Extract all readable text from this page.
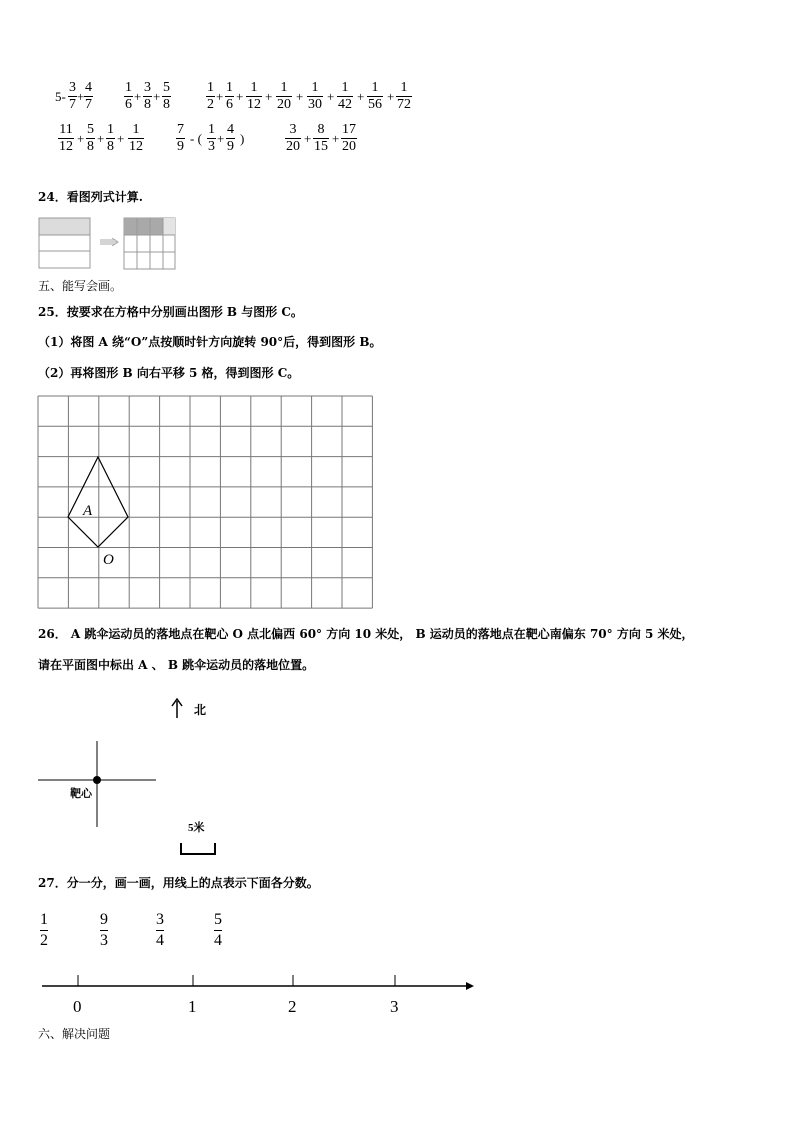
5-
3
7
+
4
7
1
6
+
3
8
+
5
8
1
2
+
1
6
+
1
12
+
1
20
+
1
30
+
1
42
+
1
56
+
1
72
11
12
+
5
8
+
1
8
+
1
12
7
9
- (
1
3
+
4
9
)
3
20
+
8
15
+
17
20
24．看图列式计算.
五、能写会画。
25．按要求在方格中分别画出图形 B 与图形 C。
（1）将图 A 绕“O”点按顺时针方向旋转 90°后，得到图形 B。
（2）再将图形 B 向右平移 5 格，得到图形 C。
A
O
26． A 跳伞运动员的落地点在靶心 O 点北偏西 60° 方向 10 米处， B 运动员的落地点在靶心南偏东 70° 方向 5 米处，
请在平面图中标出 A 、 B 跳伞运动员的落地位置。
北
靶心
5米
27．分一分，画一画，用线上的点表示下面各分数。
1
2
9
3
3
4
5
4
0	1	2	3
六、解决问题
